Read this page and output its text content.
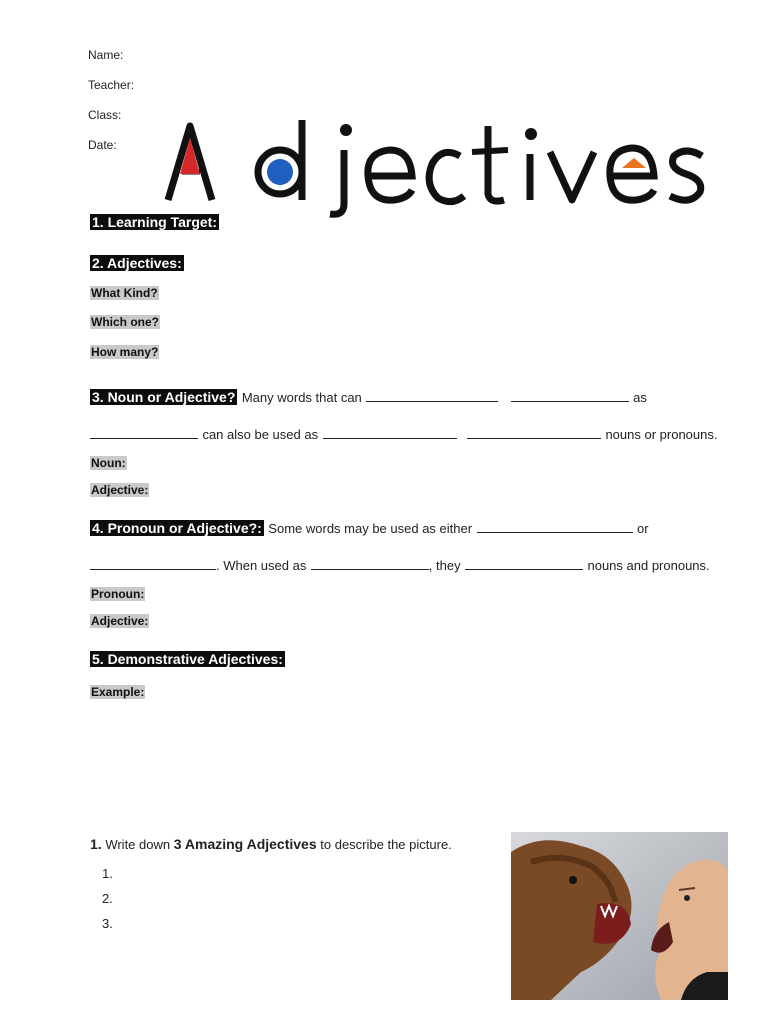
Name:
Teacher:
Class:
Date:
1. Learning Target:
2. Adjectives:
What Kind?
Which one?
How many?
3. Noun or Adjective? Many words that can	as
can also be used as	nouns or pronouns.
Noun:
Adjective:
4. Pronoun or Adjective?: Some words may be used as either	or
. When used as	, they	nouns and pronouns.
Pronoun:
Adjective:
5. Demonstrative Adjectives:
Example:
1. Write down 3 Amazing Adjectives to describe the picture.
1.
2.
3.
